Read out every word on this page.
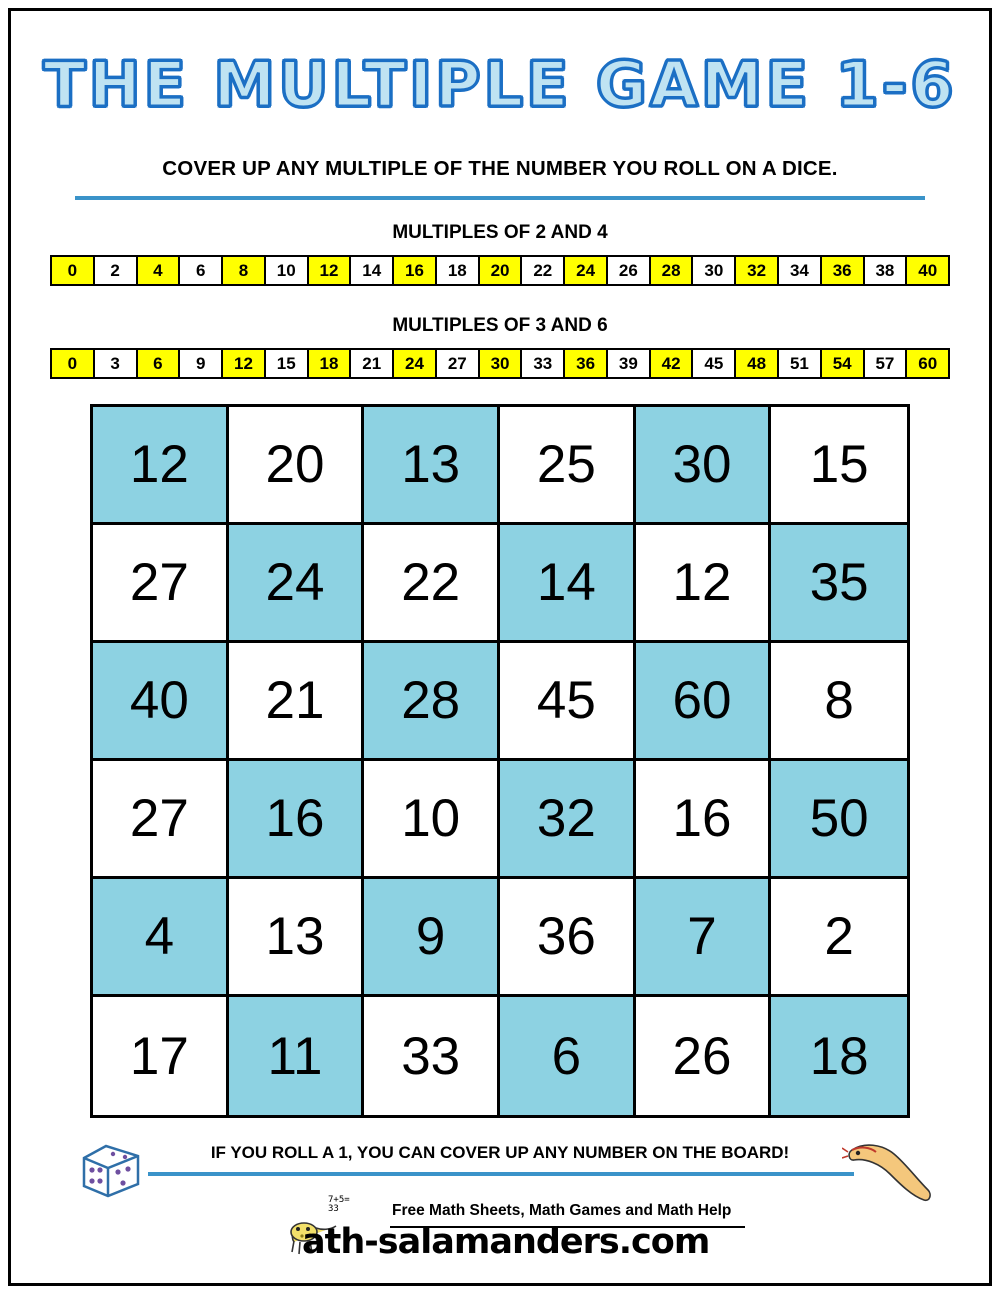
THE MULTIPLE GAME 1-6
COVER UP ANY MULTIPLE OF THE NUMBER YOU ROLL ON A DICE.
MULTIPLES OF 2 AND 4
0	2	4	6	8	10	12	14	16	18	20	22	24	26	28	30	32	34	36	38	40
MULTIPLES OF 3 AND 6
0	3	6	9	12	15	18	21	24	27	30	33	36	39	42	45	48	51	54	57	60
12	20	13	25	30	15
27	24	22	14	12	35
40	21	28	45	60	8
27	16	10	32	16	50
4	13	9	36	7	2
17	11	33	6	26	18
IF YOU ROLL A 1, YOU CAN COVER UP ANY NUMBER ON THE BOARD!
7+5=
33	Free Math Sheets, Math Games and Math Help
ath-salamanders.com
